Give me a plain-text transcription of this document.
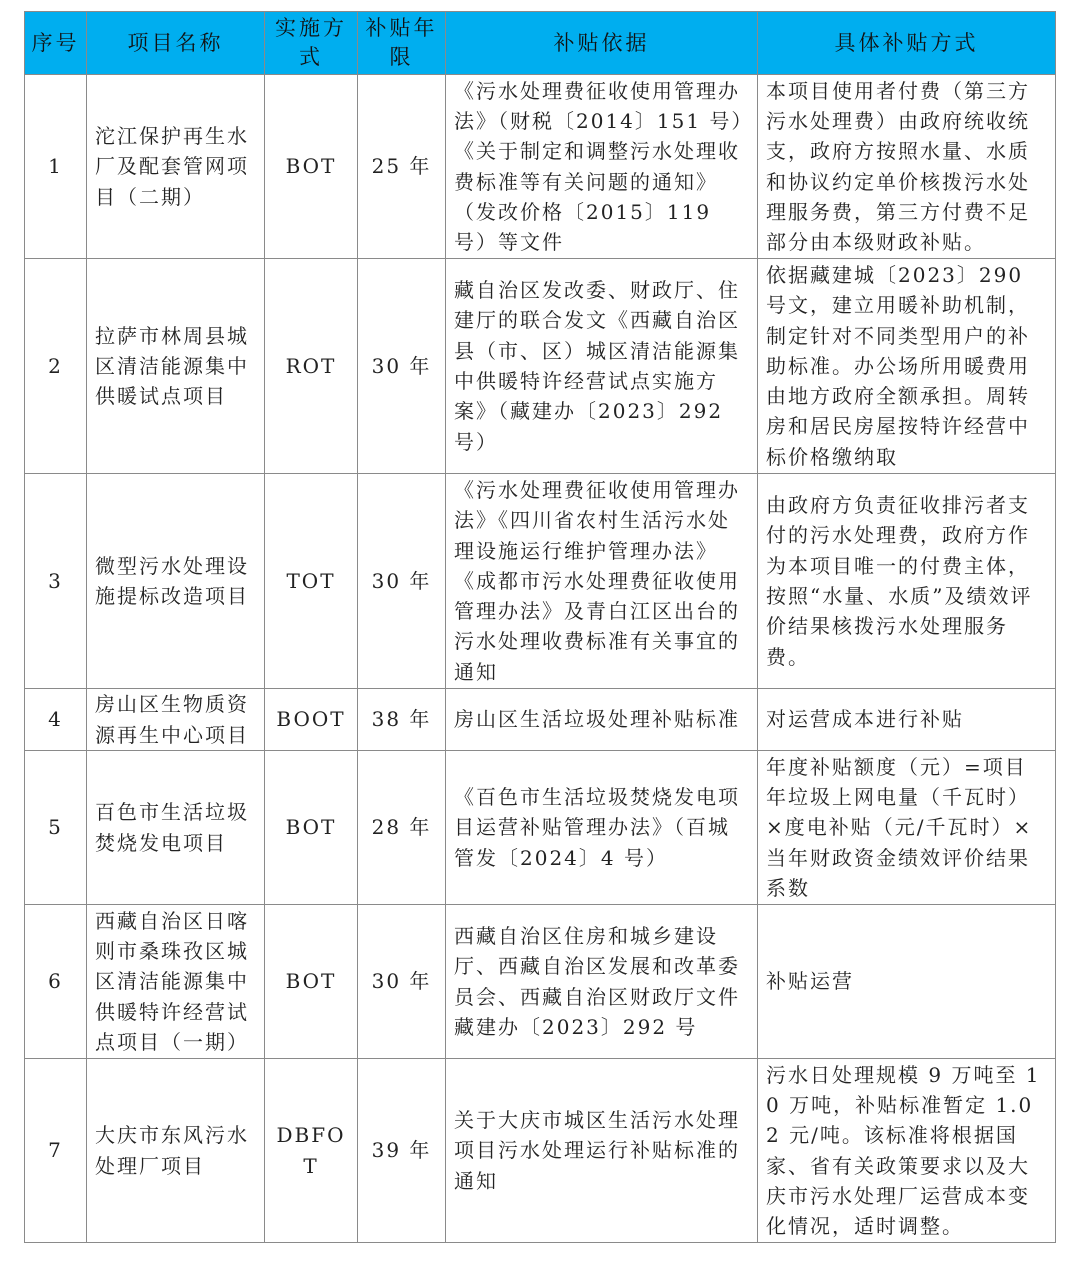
序号	项目名称	实施方式	补贴年限	补贴依据	具体补贴方式
1	沱江保护再生水厂及配套管网项目（二期）	BOT	25 年	《污水处理费征收使用管理办法》（财税〔2014〕151 号）《关于制定和调整污水处理收费标准等有关问题的通知》（发改价格〔2015〕119 号）等文件	本项目使用者付费（第三方污水处理费）由政府统收统支，政府方按照水量、水质和协议约定单价核拨污水处理服务费，第三方付费不足部分由本级财政补贴。
2	拉萨市林周县城区清洁能源集中供暖试点项目	ROT	30 年	藏自治区发改委、财政厅、住建厅的联合发文《西藏自治区县（市、区）城区清洁能源集中供暖特许经营试点实施方案》（藏建办〔2023〕292 号）	依据藏建城〔2023〕290 号文，建立用暖补助机制，制定针对不同类型用户的补助标准。办公场所用暖费用由地方政府全额承担。周转房和居民房屋按特许经营中标价格缴纳取
3	微型污水处理设施提标改造项目	TOT	30 年	《污水处理费征收使用管理办法》《四川省农村生活污水处理设施运行维护管理办法》《成都市污水处理费征收使用管理办法》及青白江区出台的污水处理收费标准有关事宜的通知	由政府方负责征收排污者支付的污水处理费，政府方作为本项目唯一的付费主体，按照“水量、水质”及绩效评价结果核拨污水处理服务费。
4	房山区生物质资源再生中心项目	BOOT	38 年	房山区生活垃圾处理补贴标准	对运营成本进行补贴
5	百色市生活垃圾焚烧发电项目	BOT	28 年	《百色市生活垃圾焚烧发电项目运营补贴管理办法》（百城管发〔2024〕4 号）	年度补贴额度（元）=项目年垃圾上网电量（千瓦时）×度电补贴（元/千瓦时）×当年财政资金绩效评价结果系数
6	西藏自治区日喀则市桑珠孜区城区清洁能源集中供暖特许经营试点项目（一期）	BOT	30 年	西藏自治区住房和城乡建设厅、西藏自治区发展和改革委员会、西藏自治区财政厅文件藏建办〔2023〕292 号	补贴运营
7	大庆市东风污水处理厂项目	DBFOT	39 年	关于大庆市城区生活污水处理项目污水处理运行补贴标准的通知	污水日处理规模 9 万吨至 10 万吨，补贴标准暂定 1.02 元/吨。该标准将根据国家、省有关政策要求以及大庆市污水处理厂运营成本变化情况，适时调整。
